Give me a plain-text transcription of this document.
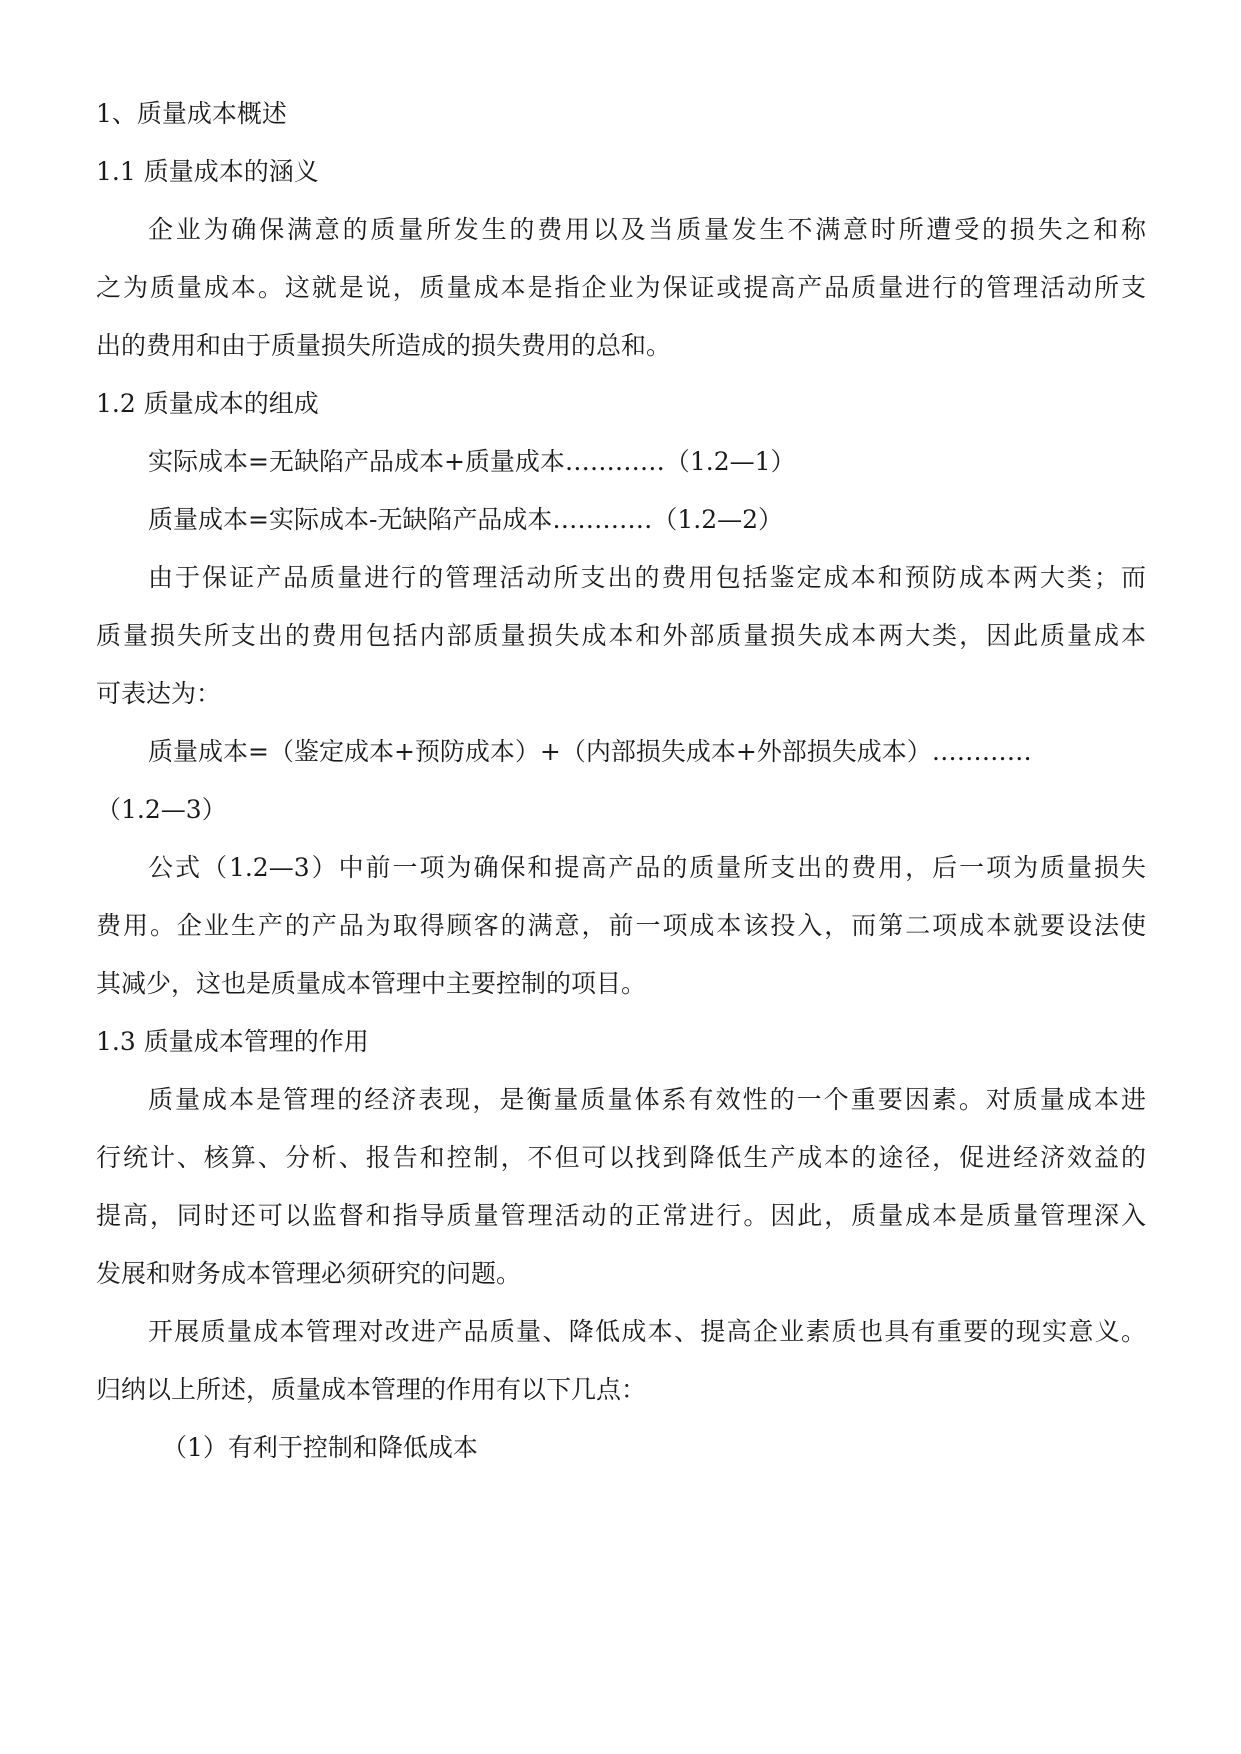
1、质量成本概述
1.1 质量成本的涵义
企业为确保满意的质量所发生的费用以及当质量发生不满意时所遭受的损失之和称
之为质量成本。这就是说，质量成本是指企业为保证或提高产品质量进行的管理活动所支
出的费用和由于质量损失所造成的损失费用的总和。
1.2 质量成本的组成
实际成本=无缺陷产品成本+质量成本…………（1.2—1）
质量成本=实际成本-无缺陷产品成本…………（1.2—2）
由于保证产品质量进行的管理活动所支出的费用包括鉴定成本和预防成本两大类；而
质量损失所支出的费用包括内部质量损失成本和外部质量损失成本两大类，因此质量成本
可表达为：
质量成本=（鉴定成本+预防成本）+（内部损失成本+外部损失成本）…………
（1.2—3）
公式（1.2—3）中前一项为确保和提高产品的质量所支出的费用，后一项为质量损失
费用。企业生产的产品为取得顾客的满意，前一项成本该投入，而第二项成本就要设法使
其减少，这也是质量成本管理中主要控制的项目。
1.3 质量成本管理的作用
质量成本是管理的经济表现，是衡量质量体系有效性的一个重要因素。对质量成本进
行统计、核算、分析、报告和控制，不但可以找到降低生产成本的途径，促进经济效益的
提高，同时还可以监督和指导质量管理活动的正常进行。因此，质量成本是质量管理深入
发展和财务成本管理必须研究的问题。
开展质量成本管理对改进产品质量、降低成本、提高企业素质也具有重要的现实意义。
归纳以上所述，质量成本管理的作用有以下几点：
（1）有利于控制和降低成本
